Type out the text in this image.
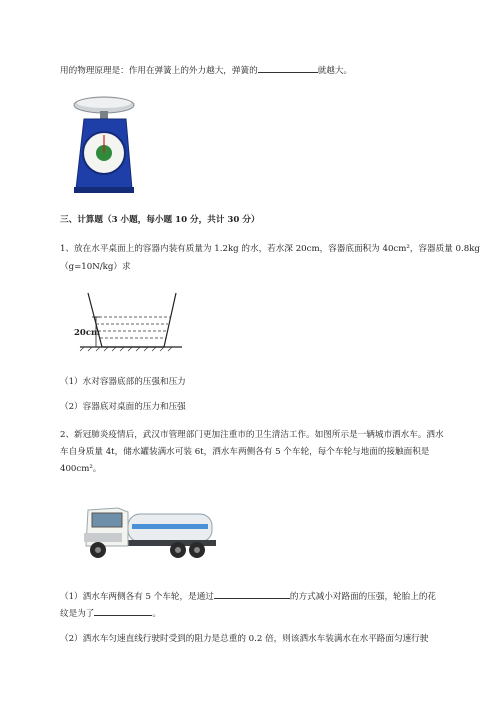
用的物理原理是：作用在弹簧上的外力越大，弹簧的	就越大。
三、计算题（3 小题，每小题 10 分，共计 30 分）
1、放在水平桌面上的容器内装有质量为 1.2kg 的水，若水深 20cm，容器底面积为 40cm²，容器质量 0.8kg
（g=10N/kg）求
20cm
（1）水对容器底部的压强和压力
（2）容器底对桌面的压力和压强
2、新冠肺炎疫情后，武汉市管理部门更加注重市的卫生清洁工作。如图所示是一辆城市洒水车。洒水
车自身质量 4t，储水罐装满水可装 6t，洒水车两侧各有 5 个车轮，每个车轮与地面的接触面积是
400cm²。
（1）洒水车两侧各有 5 个车轮，是通过	的方式减小对路面的压强，轮胎上的花
纹是为了	。
（2）洒水车匀速直线行驶时受到的阻力是总重的 0.2 倍，则该洒水车装满水在水平路面匀速行驶
